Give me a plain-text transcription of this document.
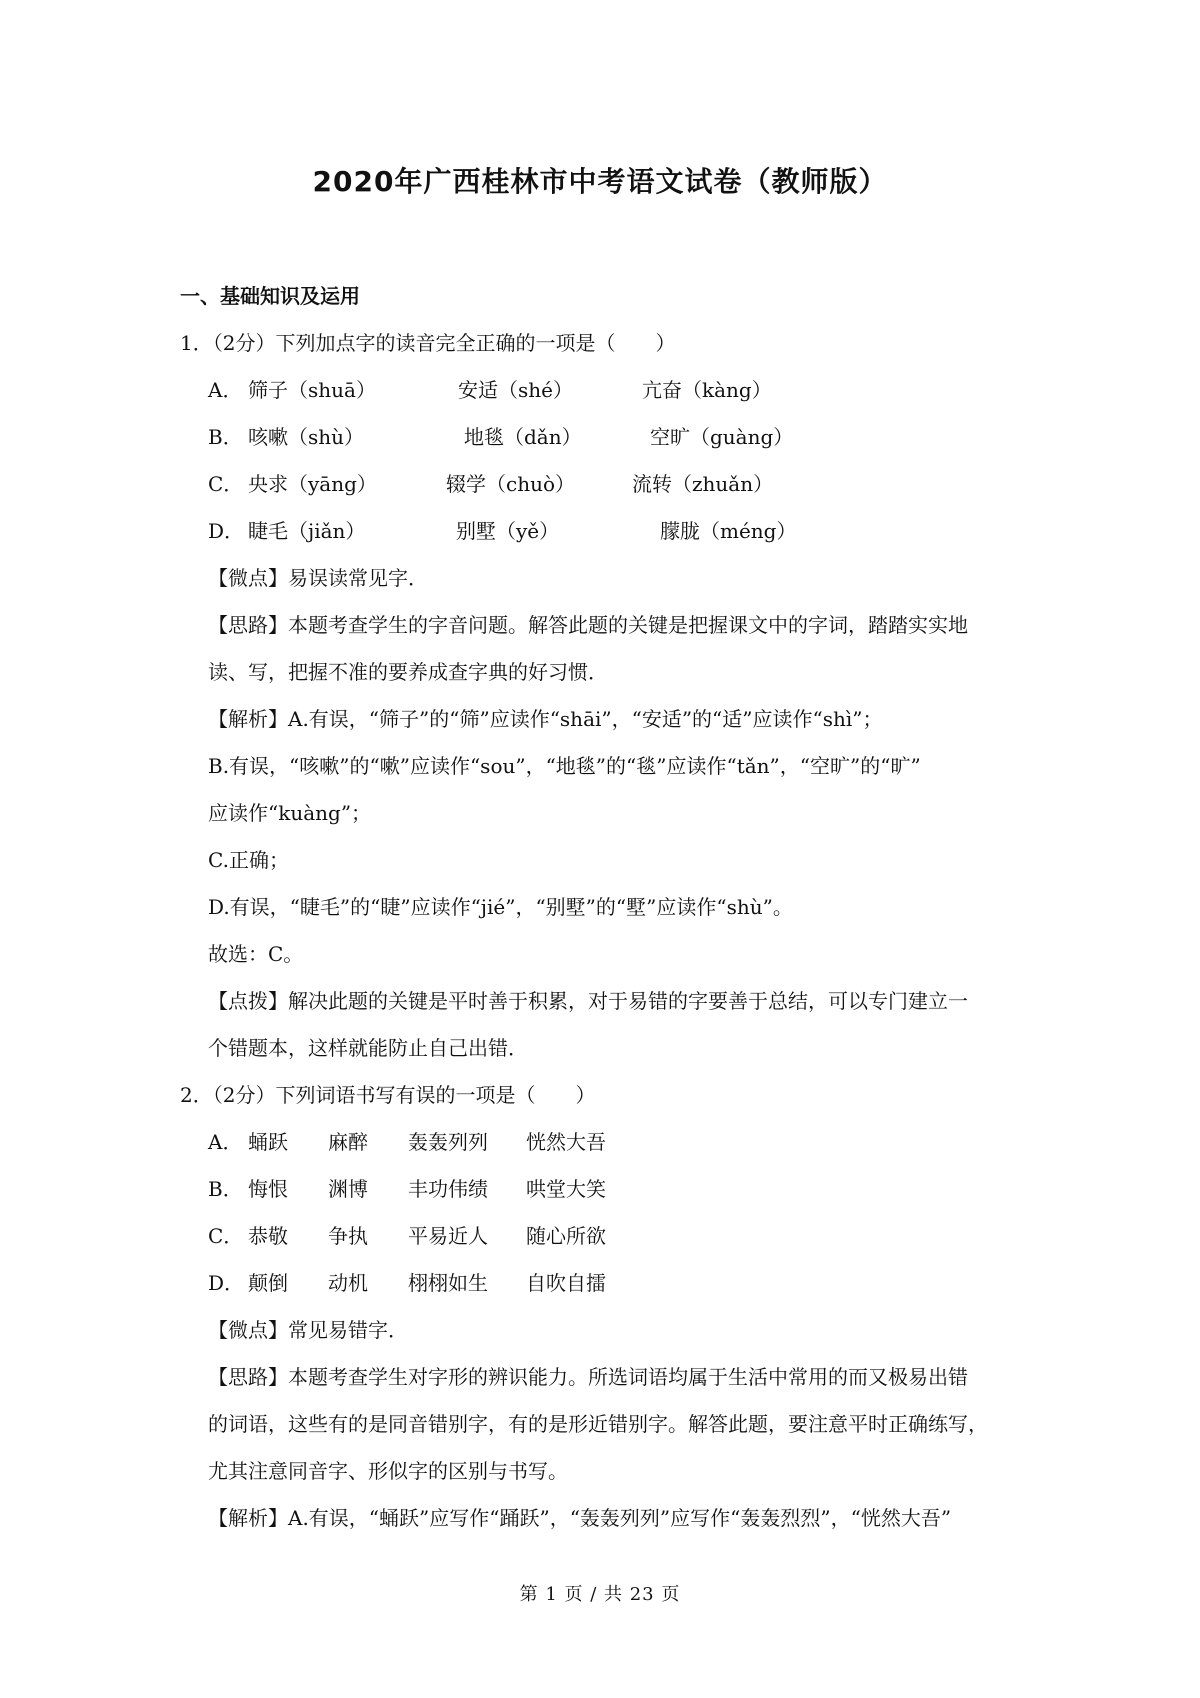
2020年广西桂林市中考语文试卷（教师版）
一、基础知识及运用
1．（2分）下列加点字的读音完全正确的一项是（　　）
A． 筛子（shuā）	安适（shé）	亢奋（kàng）
B． 咳嗽（shù）	地毯（dǎn）	空旷（guàng）
C． 央求（yāng）	辍学（chuò）	流转（zhuǎn）
D． 睫毛（jiǎn）	别墅（yě）	朦胧（méng）
【微点】易误读常见字．
【思路】本题考查学生的字音问题。解答此题的关键是把握课文中的字词，踏踏实实地
读、写，把握不准的要养成查字典的好习惯．
【解析】A.有误，“筛子”的“筛”应读作“shāi”，“安适”的“适”应读作“shì”；
B.有误，“咳嗽”的“嗽”应读作“sou”，“地毯”的“毯”应读作“tǎn”，“空旷”的“旷”
应读作“kuàng”；
C.正确；
D.有误，“睫毛”的“睫”应读作“jié”，“别墅”的“墅”应读作“shù”。
故选：C。
【点拨】解决此题的关键是平时善于积累，对于易错的字要善于总结，可以专门建立一
个错题本，这样就能防止自己出错．
2．（2分）下列词语书写有误的一项是（　　）
A． 蛹跃	麻醉	轰轰列列	恍然大吾
B． 悔恨	渊博	丰功伟绩	哄堂大笑
C． 恭敬	争执	平易近人	随心所欲
D． 颠倒	动机	栩栩如生	自吹自擂
【微点】常见易错字．
【思路】本题考查学生对字形的辨识能力。所选词语均属于生活中常用的而又极易出错
的词语，这些有的是同音错别字，有的是形近错别字。解答此题，要注意平时正确练写，
尤其注意同音字、形似字的区别与书写。
【解析】A.有误，“蛹跃”应写作“踊跃”，“轰轰列列”应写作“轰轰烈烈”，“恍然大吾”
第 1 页 / 共 23 页
